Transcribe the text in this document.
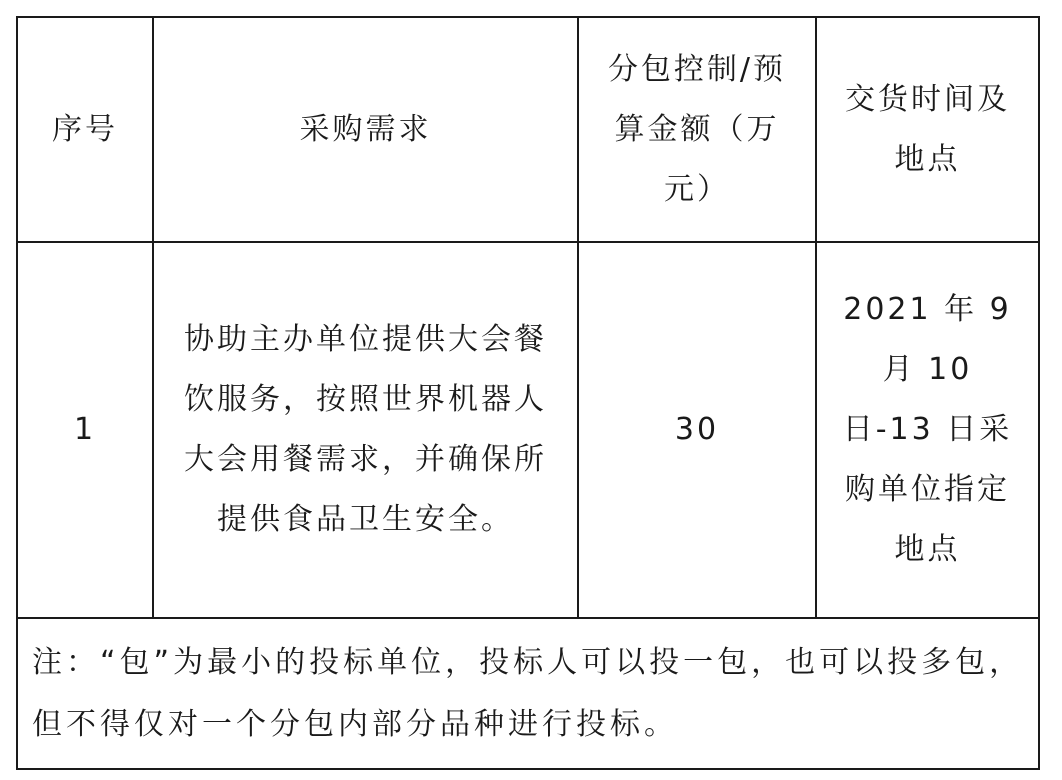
序号	采购需求	分包控制/预算金额（万元）	交货时间及地点
1	协助主办单位提供大会餐饮服务，按照世界机器人大会用餐需求，并确保所提供食品卫生安全。	30	2021 年 9 月 10 日-13 日采购单位指定地点
注：“包”为最小的投标单位，投标人可以投一包，也可以投多包，但不得仅对一个分包内部分品种进行投标。			
